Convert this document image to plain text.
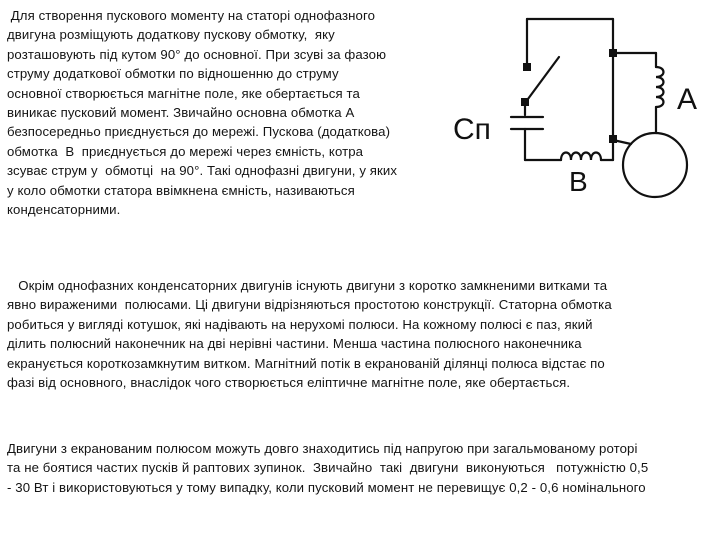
Для створення пускового моменту на статорі однофазного
двигуна розміщують додаткову пускову обмотку,  яку
розташовують під кутом 90° до основної. При зсуві за фазою
струму додаткової обмотки по відношенню до струму
основної створюється магнітне поле, яке обертається та
виникає пусковий момент. Звичайно основна обмотка А
безпосередньо приєднується до мережі. Пускова (додаткова)
обмотка  В  приєднується до мережі через ємність, котра
зсуває струм у  обмотці  на 90°. Такі однофазні двигуни, у яких
у коло обмотки статора ввімкнена ємність, називаються
конденсаторними.
Cп
A
B
Окрім однофазних конденсаторних двигунів існують двигуни з коротко замкненими витками та
явно вираженими  полюсами. Ці двигуни відрізняються простотою конструкції. Статорна обмотка
робиться у вигляді котушок, які надівають на нерухомі полюси. На кожному полюсі є паз, який
ділить полюсний наконечник на дві нерівні частини. Менша частина полюсного наконечника
екранується короткозамкнутим витком. Магнітний потік в екранованій ділянці полюса відстає по
фазі від основного, внаслідок чого створюється еліптичне магнітне поле, яке обертається.
Двигуни з екранованим полюсом можуть довго знаходитись під напругою при загальмованому роторі
та не боятися частих пусків й раптових зупинок.  Звичайно  такі  двигуни  виконуються   потужністю 0,5
- 30 Вт і використовуються у тому випадку, коли пусковий момент не перевищує 0,2 - 0,6 номінального
